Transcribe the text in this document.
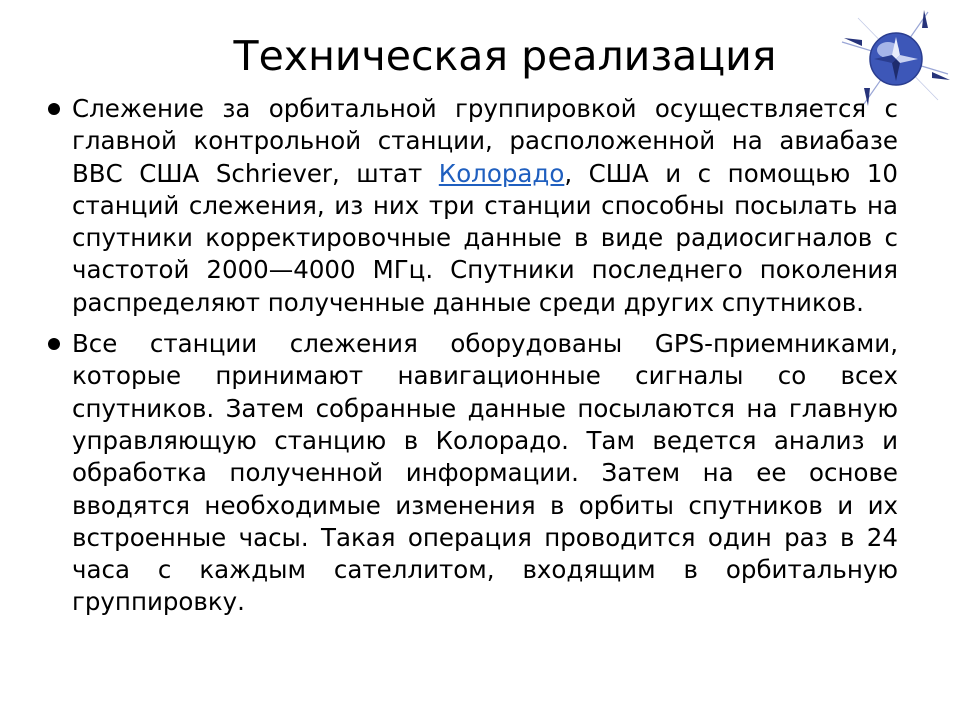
Техническая реализация
Слежение за орбитальной группировкой осуществляется с главной контрольной станции, расположенной на авиабазе ВВС США Schriever, штат Колорадо, США и с помощью 10 станций слежения, из них три станции способны посылать на спутники корректировочные данные в виде радиосигналов с частотой 2000—4000 МГц. Спутники последнего поколения распределяют полученные данные среди других спутников.
Все станции слежения оборудованы GPS-приемниками, которые принимают навигационные сигналы со всех спутников. Затем собранные данные посылаются на главную управляющую станцию в Колорадо. Там ведется анализ и обработка полученной информации. Затем на ее основе вводятся необходимые изменения в орбиты спутников и их встроенные часы. Такая операция проводится один раз в 24 часа с каждым сателлитом, входящим в орбитальную группировку.
